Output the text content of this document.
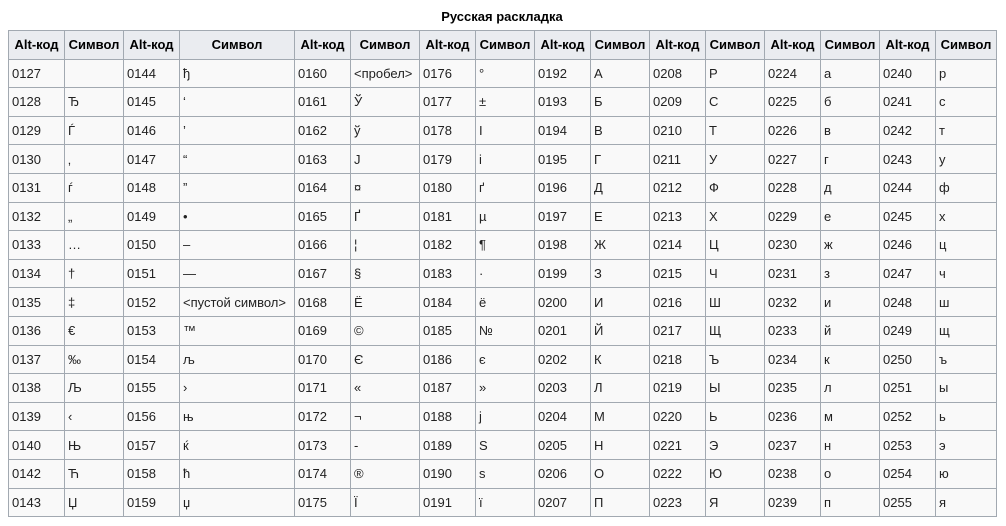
Русская раскладка
Alt-код	Символ	Alt-код	Символ	Alt-код	Символ	Alt-код	Символ	Alt-код	Символ	Alt-код	Символ	Alt-код	Символ	Alt-код	Символ
0127		0144	ђ	0160	<пробел>	0176	°	0192	А	0208	Р	0224	а	0240	р
0128	Ђ	0145	‘	0161	Ў	0177	±	0193	Б	0209	С	0225	б	0241	с
0129	Ѓ	0146	’	0162	ў	0178	І	0194	В	0210	Т	0226	в	0242	т
0130	‚	0147	“	0163	Ј	0179	і	0195	Г	0211	У	0227	г	0243	у
0131	ѓ	0148	”	0164	¤	0180	ґ	0196	Д	0212	Ф	0228	д	0244	ф
0132	„	0149	•	0165	Ґ	0181	µ	0197	Е	0213	Х	0229	е	0245	х
0133	…	0150	–	0166	¦	0182	¶	0198	Ж	0214	Ц	0230	ж	0246	ц
0134	†	0151	—	0167	§	0183	·	0199	З	0215	Ч	0231	з	0247	ч
0135	‡	0152	<пустой символ>	0168	Ё	0184	ё	0200	И	0216	Ш	0232	и	0248	ш
0136	€	0153	™	0169	©	0185	№	0201	Й	0217	Щ	0233	й	0249	щ
0137	‰	0154	љ	0170	Є	0186	є	0202	К	0218	Ъ	0234	к	0250	ъ
0138	Љ	0155	›	0171	«	0187	»	0203	Л	0219	Ы	0235	л	0251	ы
0139	‹	0156	њ	0172	¬	0188	ј	0204	М	0220	Ь	0236	м	0252	ь
0140	Њ	0157	ќ	0173	-	0189	Ѕ	0205	Н	0221	Э	0237	н	0253	э
0142	Ћ	0158	ћ	0174	®	0190	ѕ	0206	О	0222	Ю	0238	о	0254	ю
0143	Џ	0159	џ	0175	Ї	0191	ї	0207	П	0223	Я	0239	п	0255	я
